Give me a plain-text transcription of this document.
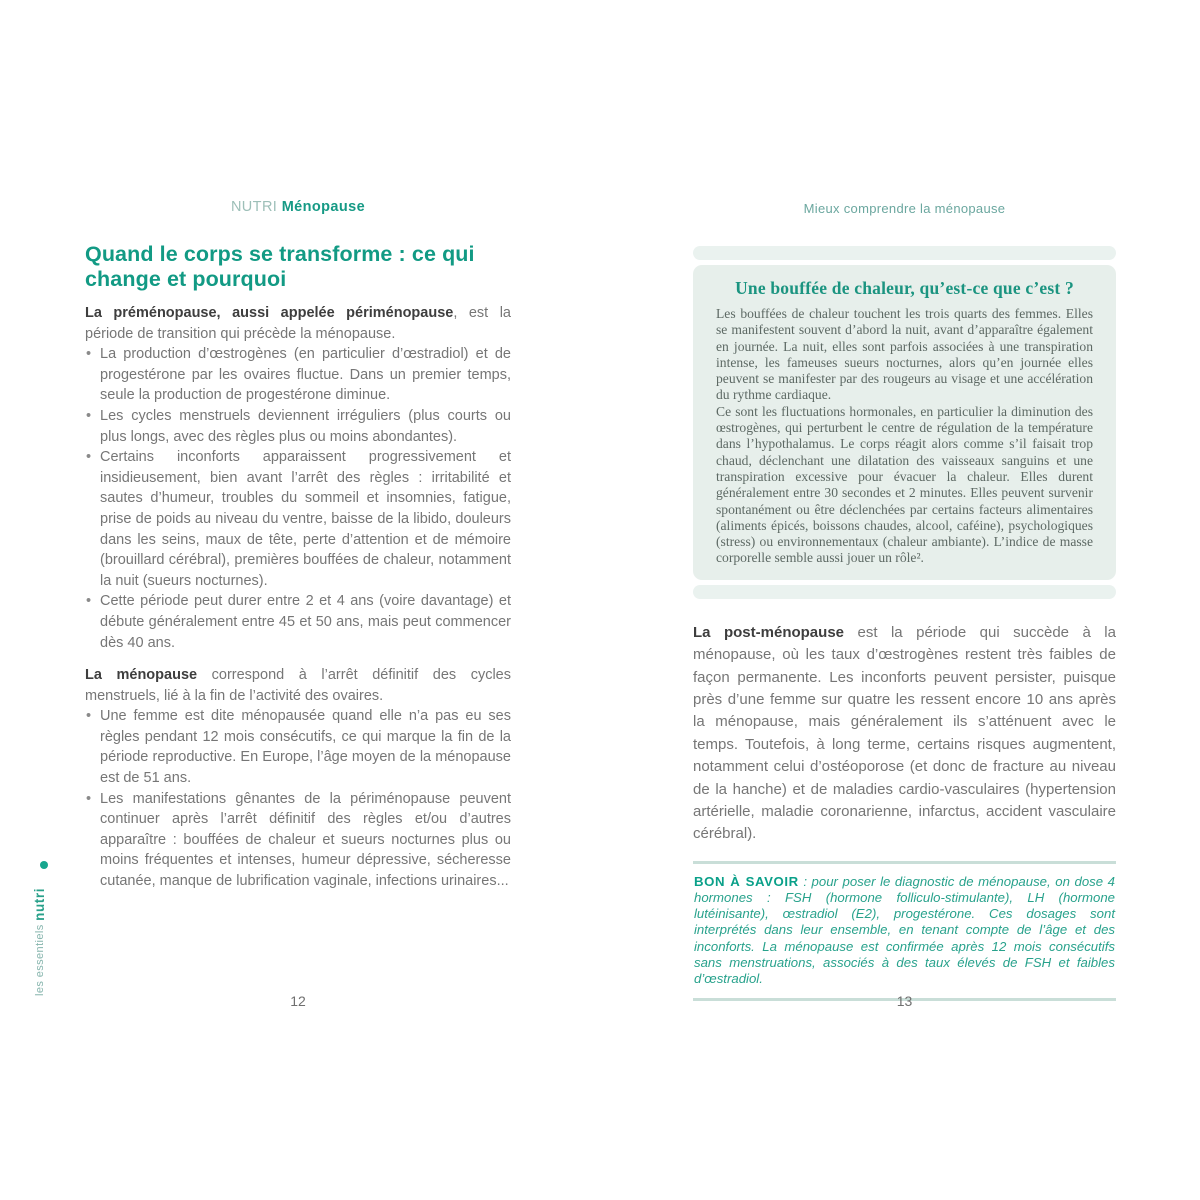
les essentiels nutri
NUTRI Ménopause
Quand le corps se transforme : ce qui change et pourquoi

La préménopause, aussi appelée périménopause, est la période de transition qui précède la ménopause.

• La production d’œstrogènes (en particulier d’œstradiol) et de progestérone par les ovaires fluctue. Dans un premier temps, seule la production de progestérone diminue.
• Les cycles menstruels deviennent irréguliers (plus courts ou plus longs, avec des règles plus ou moins abondantes).
• Certains inconforts apparaissent progressivement et insidieusement, bien avant l’arrêt des règles : irritabilité et sautes d’humeur, troubles du sommeil et insomnies, fatigue, prise de poids au niveau du ventre, baisse de la libido, douleurs dans les seins, maux de tête, perte d’attention et de mémoire (brouillard cérébral), premières bouffées de chaleur, notamment la nuit (sueurs nocturnes).
• Cette période peut durer entre 2 et 4 ans (voire davantage) et débute généralement entre 45 et 50 ans, mais peut commencer dès 40 ans.

La ménopause correspond à l’arrêt définitif des cycles menstruels, lié à la fin de l’activité des ovaires.

• Une femme est dite ménopausée quand elle n’a pas eu ses règles pendant 12 mois consécutifs, ce qui marque la fin de la période reproductive. En Europe, l’âge moyen de la ménopause est de 51 ans.
• Les manifestations gênantes de la périménopause peuvent continuer après l’arrêt définitif des règles et/ou d’autres apparaître : bouffées de chaleur et sueurs nocturnes plus ou moins fréquentes et intenses, humeur dépressive, sécheresse cutanée, manque de lubrification vaginale, infections urinaires...
12
Mieux comprendre la ménopause
Une bouffée de chaleur, qu’est-ce que c’est ?

Les bouffées de chaleur touchent les trois quarts des femmes. Elles se manifestent souvent d’abord la nuit, avant d’apparaître également en journée. La nuit, elles sont parfois associées à une transpiration intense, les fameuses sueurs nocturnes, alors qu’en journée elles peuvent se manifester par des rougeurs au visage et une accélération du rythme cardiaque.

Ce sont les fluctuations hormonales, en particulier la diminution des œstrogènes, qui perturbent le centre de régulation de la température dans l’hypothalamus. Le corps réagit alors comme s’il faisait trop chaud, déclenchant une dilatation des vaisseaux sanguins et une transpiration excessive pour évacuer la chaleur. Elles durent généralement entre 30 secondes et 2 minutes. Elles peuvent survenir spontanément ou être déclenchées par certains facteurs alimentaires (aliments épicés, boissons chaudes, alcool, caféine), psychologiques (stress) ou environnementaux (chaleur ambiante). L’indice de masse corporelle semble aussi jouer un rôle².

La post-ménopause est la période qui succède à la ménopause, où les taux d’œstrogènes restent très faibles de façon permanente. Les inconforts peuvent persister, puisque près d’une femme sur quatre les ressent encore 10 ans après la ménopause, mais généralement ils s’atténuent avec le temps. Toutefois, à long terme, certains risques augmentent, notamment celui d’ostéoporose (et donc de fracture au niveau de la hanche) et de maladies cardio-vasculaires (hypertension artérielle, maladie coronarienne, infarctus, accident vasculaire cérébral).

BON À SAVOIR : pour poser le diagnostic de ménopause, on dose 4 hormones : FSH (hormone folliculo-stimulante), LH (hormone lutéinisante), œstradiol (E2), progestérone. Ces dosages sont interprétés dans leur ensemble, en tenant compte de l’âge et des inconforts. La ménopause est confirmée après 12 mois consécutifs sans menstruations, associés à des taux élevés de FSH et faibles d’œstradiol.
13
